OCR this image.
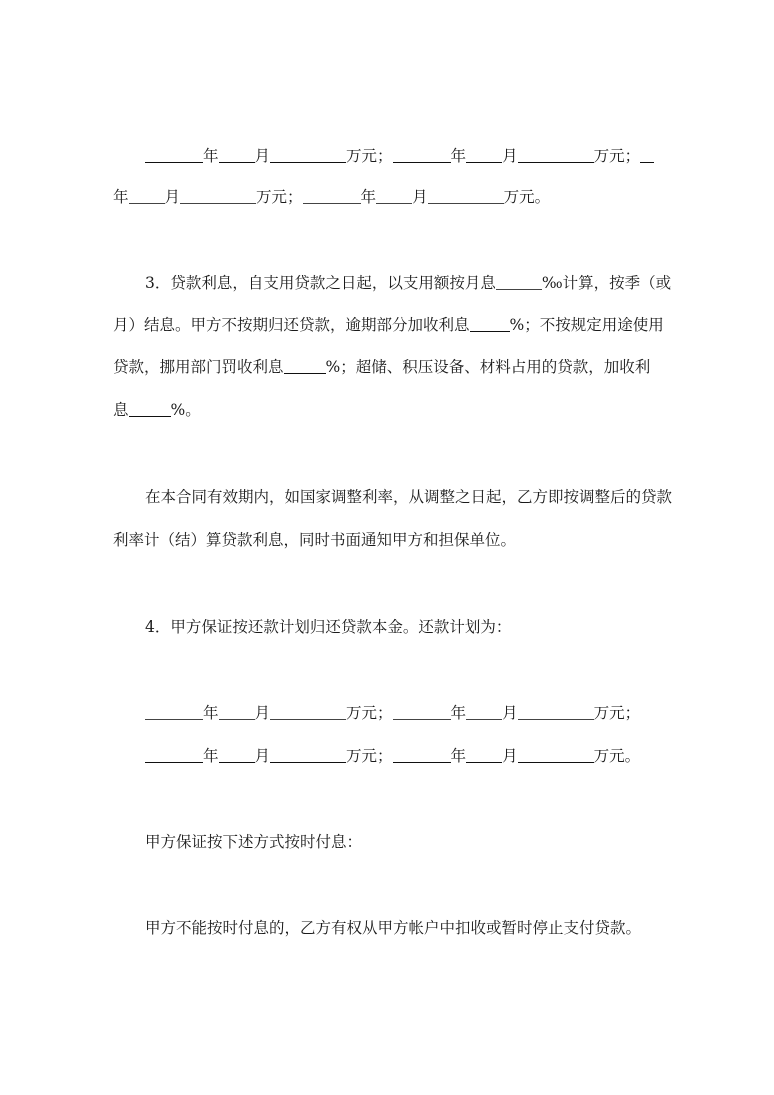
年 月	万元；	年 月	万元；
年 月	万元；	年 月	万元。
3．贷款利息，自支用贷款之日起，以支用额按月息	‰计算，按季（或
月）结息。甲方不按期归还贷款，逾期部分加收利息	%；不按规定用途使用
贷款，挪用部门罚收利息	%；超储、积压设备、材料占用的贷款，加收利
息	%。
在本合同有效期内，如国家调整利率，从调整之日起，乙方即按调整后的贷款
利率计（结）算贷款利息，同时书面通知甲方和担保单位。
4．甲方保证按还款计划归还贷款本金。还款计划为：
年 月	万元；	年 月	万元；
年 月	万元；	年 月	万元。
甲方保证按下述方式按时付息：
甲方不能按时付息的，乙方有权从甲方帐户中扣收或暂时停止支付贷款。
